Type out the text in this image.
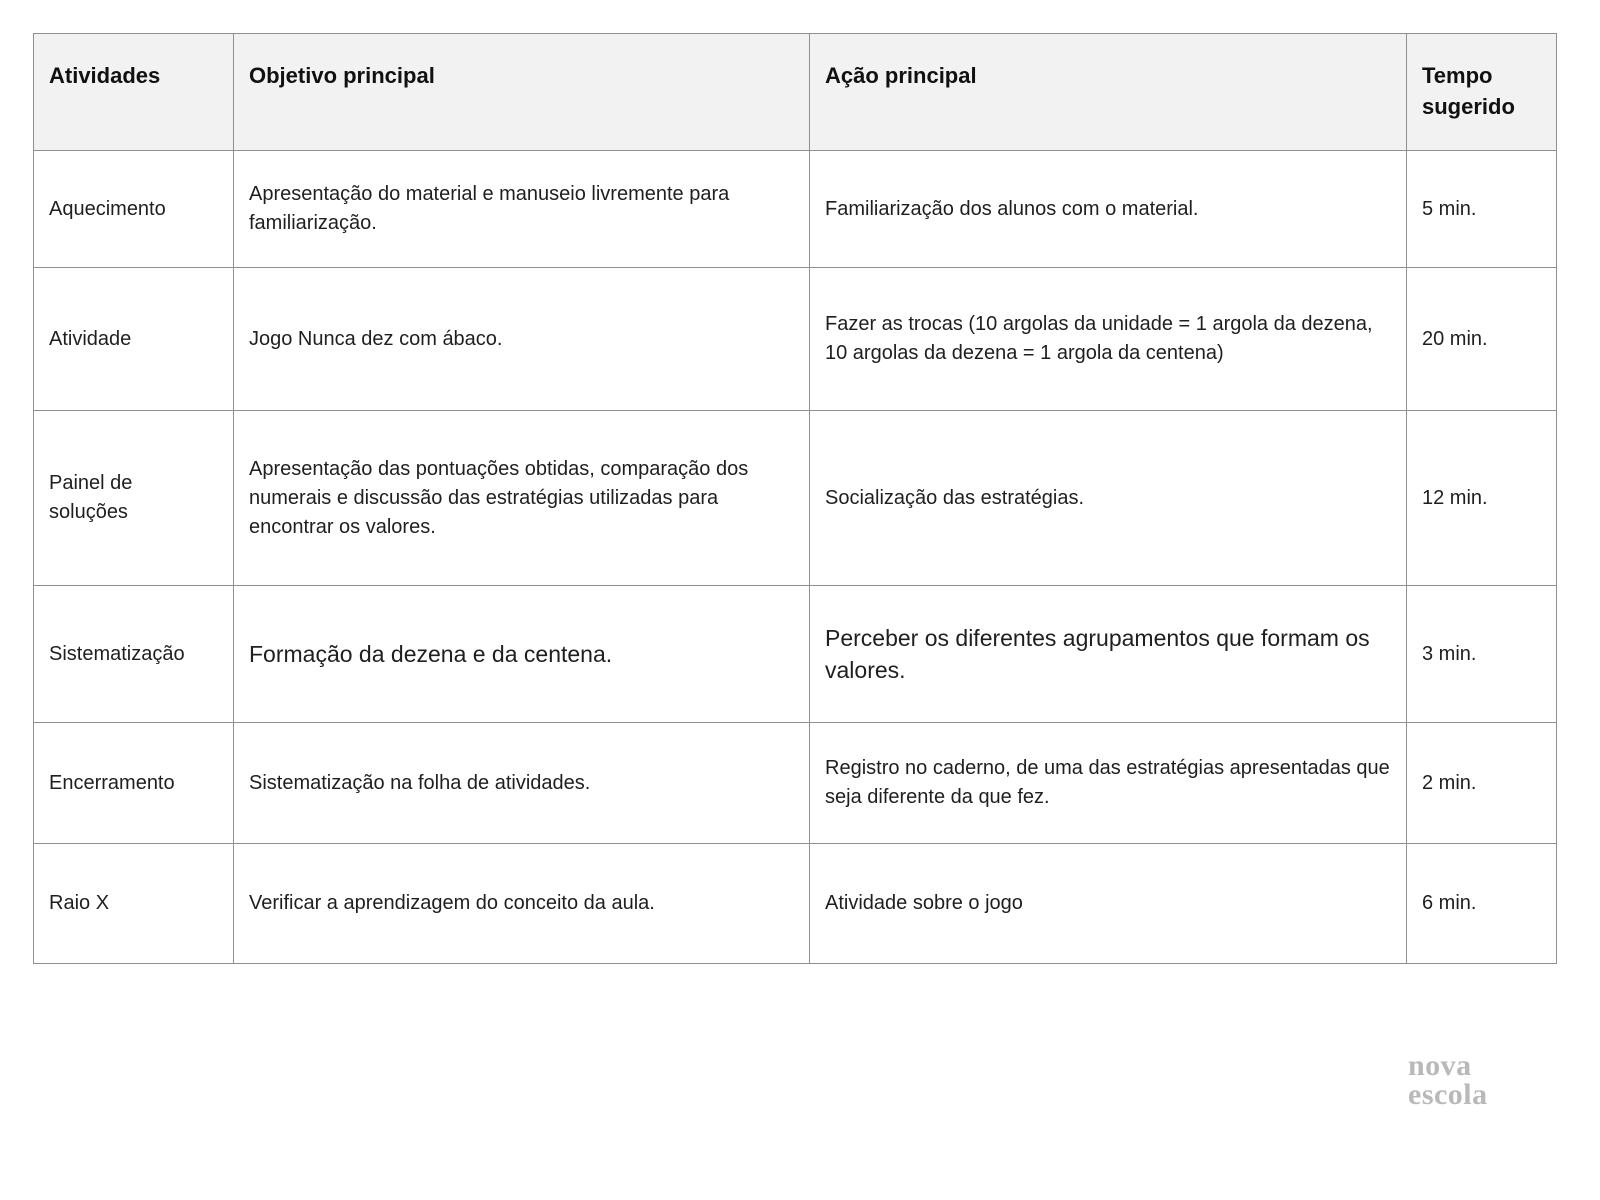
Atividades	Objetivo principal	Ação principal	Tempo sugerido
Aquecimento	Apresentação do material e manuseio livremente para familiarização.	Familiarização dos alunos com o material.	5 min.
Atividade	Jogo Nunca dez com ábaco.	Fazer as trocas (10 argolas da unidade = 1 argola da dezena, 10 argolas da dezena = 1 argola da centena)	20 min.
Painel de soluções	Apresentação das pontuações obtidas, comparação dos numerais e discussão das estratégias utilizadas para encontrar os valores.	Socialização das estratégias.	12 min.
Sistematização	Formação da dezena e da centena.	Perceber os diferentes agrupamentos que formam os valores.	3 min.
Encerramento	Sistematização na folha de atividades.	Registro no caderno, de uma das estratégias apresentadas que seja diferente da que fez.	2 min.
Raio X	Verificar a aprendizagem do conceito da aula.	Atividade sobre o jogo	6 min.
nova
escola
